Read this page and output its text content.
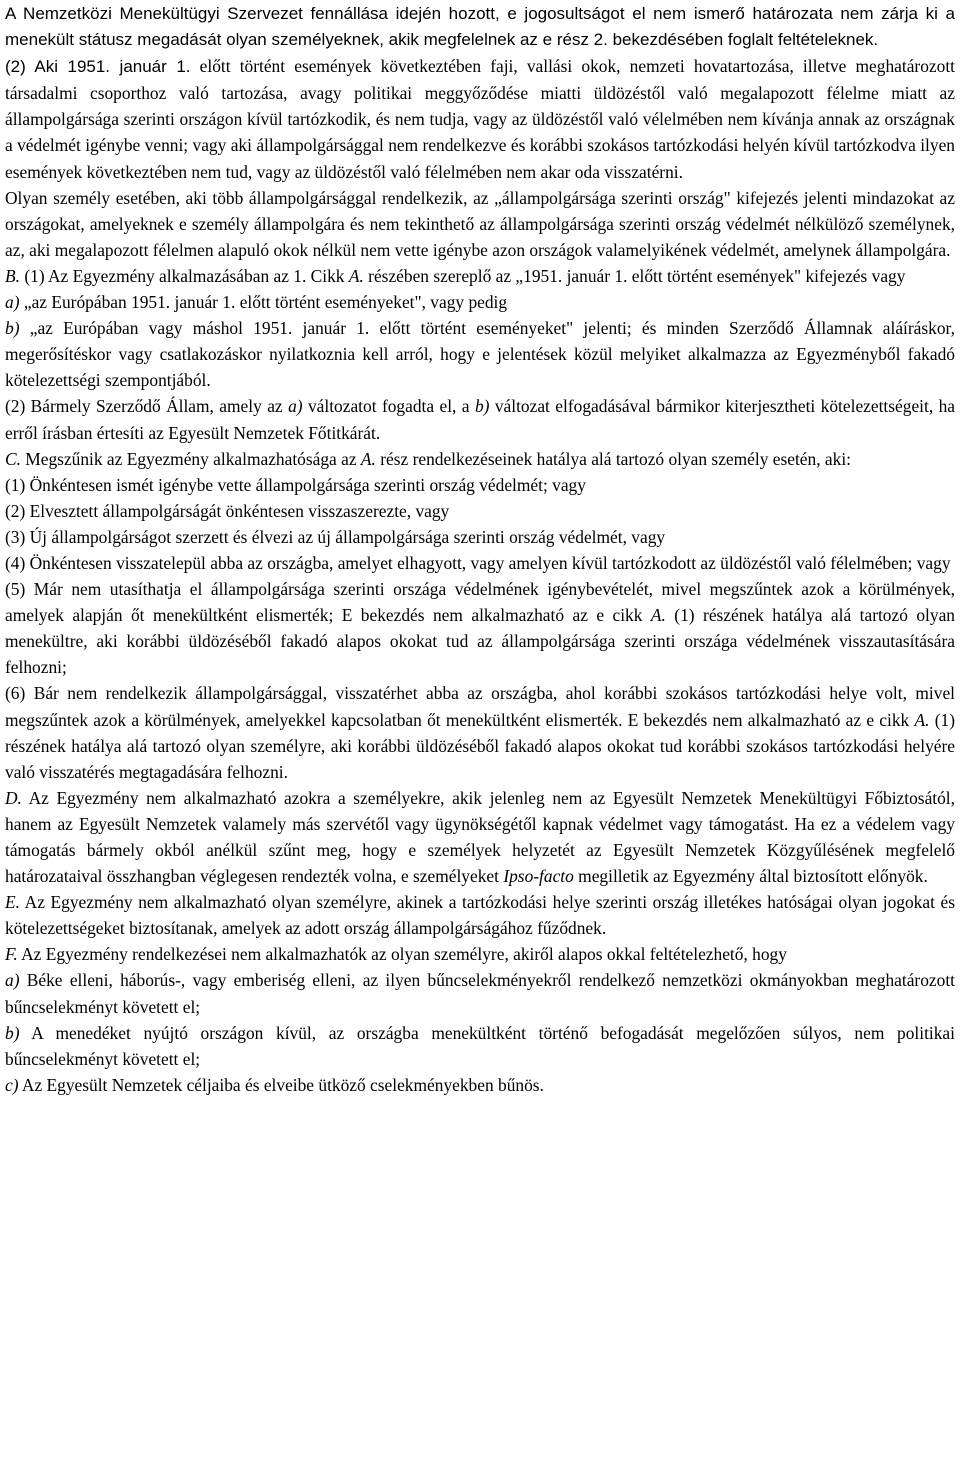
A Nemzetközi Menekültügyi Szervezet fennállása idején hozott, e jogosultságot el nem ismerő határozata nem zárja ki a menekült státusz megadását olyan személyeknek, akik megfelelnek az e rész 2. bekezdésében foglalt feltételeknek.

(2) Aki 1951. január 1. előtt történt események következtében faji, vallási okok, nemzeti hovatartozása, illetve meghatározott társadalmi csoporthoz való tartozása, avagy politikai meggyőződése miatti üldözéstől való megalapozott félelme miatt az állampolgársága szerinti országon kívül tartózkodik, és nem tudja, vagy az üldözéstől való vélelmében nem kívánja annak az országnak a védelmét igénybe venni; vagy aki állampolgársággal nem rendelkezve és korábbi szokásos tartózkodási helyén kívül tartózkodva ilyen események következtében nem tud, vagy az üldözéstől való félelmében nem akar oda visszatérni.

Olyan személy esetében, aki több állampolgársággal rendelkezik, az „állampolgársága szerinti ország" kifejezés jelenti mindazokat az országokat, amelyeknek e személy állampolgára és nem tekinthető az állampolgársága szerinti ország védelmét nélkülöző személynek, az, aki megalapozott félelmen alapuló okok nélkül nem vette igénybe azon országok valamelyikének védelmét, amelynek állampolgára.

B. (1) Az Egyezmény alkalmazásában az 1. Cikk A. részében szereplő az „1951. január 1. előtt történt események" kifejezés vagy

a) „az Európában 1951. január 1. előtt történt eseményeket", vagy pedig

b) „az Európában vagy máshol 1951. január 1. előtt történt eseményeket" jelenti; és minden Szerződő Államnak aláíráskor, megerősítéskor vagy csatlakozáskor nyilatkoznia kell arról, hogy e jelentések közül melyiket alkalmazza az Egyezményből fakadó kötelezettségi szempontjából.

(2) Bármely Szerződő Állam, amely az a) változatot fogadta el, a b) változat elfogadásával bármikor kiterjesztheti kötelezettségeit, ha erről írásban értesíti az Egyesült Nemzetek Főtitkárát.

C. Megszűnik az Egyezmény alkalmazhatósága az A. rész rendelkezéseinek hatálya alá tartozó olyan személy esetén, aki:

(1) Önkéntesen ismét igénybe vette állampolgársága szerinti ország védelmét; vagy

(2) Elvesztett állampolgárságát önkéntesen visszaszerezte, vagy

(3) Új állampolgárságot szerzett és élvezi az új állampolgársága szerinti ország védelmét, vagy

(4) Önkéntesen visszatelepül abba az országba, amelyet elhagyott, vagy amelyen kívül tartózkodott az üldözéstől való félelmében; vagy

(5) Már nem utasíthatja el állampolgársága szerinti országa védelmének igénybevételét, mivel megszűntek azok a körülmények, amelyek alapján őt menekültként elismerték; E bekezdés nem alkalmazható az e cikk A. (1) részének hatálya alá tartozó olyan menekültre, aki korábbi üldözéséből fakadó alapos okokat tud az állampolgársága szerinti országa védelmének visszautasítására felhozni;

(6) Bár nem rendelkezik állampolgársággal, visszatérhet abba az országba, ahol korábbi szokásos tartózkodási helye volt, mivel megszűntek azok a körülmények, amelyekkel kapcsolatban őt menekültként elismerték. E bekezdés nem alkalmazható az e cikk A. (1) részének hatálya alá tartozó olyan személyre, aki korábbi üldözéséből fakadó alapos okokat tud korábbi szokásos tartózkodási helyére való visszatérés megtagadására felhozni.

D. Az Egyezmény nem alkalmazható azokra a személyekre, akik jelenleg nem az Egyesült Nemzetek Menekültügyi Főbiztosától, hanem az Egyesült Nemzetek valamely más szervétől vagy ügynökségétől kapnak védelmet vagy támogatást. Ha ez a védelem vagy támogatás bármely okból anélkül szűnt meg, hogy e személyek helyzetét az Egyesült Nemzetek Közgyűlésének megfelelő határozataival összhangban véglegesen rendezték volna, e személyeket Ipso-facto megilletik az Egyezmény által biztosított előnyök.

E. Az Egyezmény nem alkalmazható olyan személyre, akinek a tartózkodási helye szerinti ország illetékes hatóságai olyan jogokat és kötelezettségeket biztosítanak, amelyek az adott ország állampolgárságához fűződnek.

F. Az Egyezmény rendelkezései nem alkalmazhatók az olyan személyre, akiről alapos okkal feltételezhető, hogy

a) Béke elleni, háborús-, vagy emberiség elleni, az ilyen bűncselekményekről rendelkező nemzetközi okmányokban meghatározott bűncselekményt követett el;

b) A menedéket nyújtó országon kívül, az országba menekültként történő befogadását megelőzően súlyos, nem politikai bűncselekményt követett el;

c) Az Egyesült Nemzetek céljaiba és elveibe ütköző cselekményekben bűnös.
